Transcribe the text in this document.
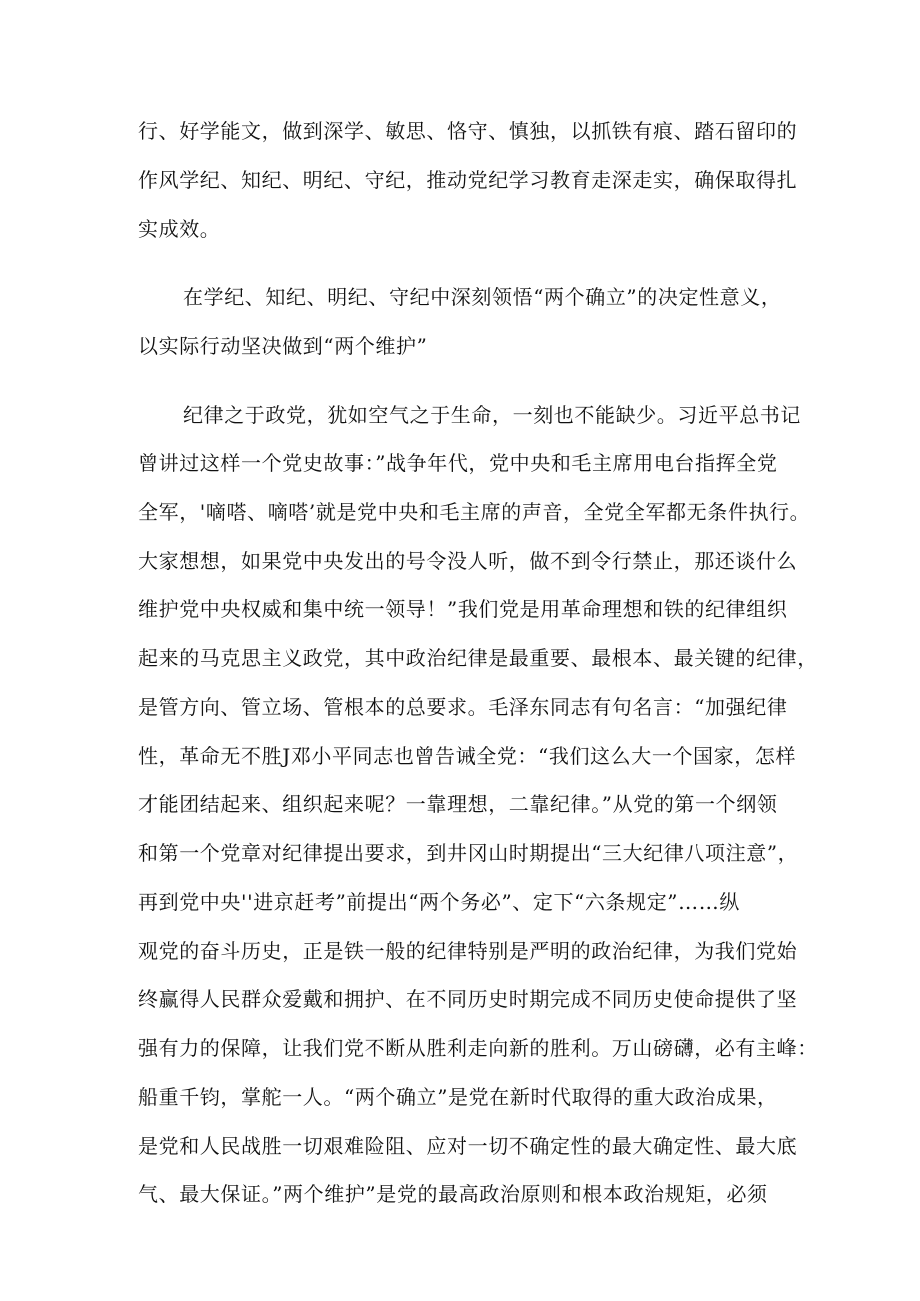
行、好学能文，做到深学、敏思、恪守、慎独，以抓铁有痕、踏石留印的
作风学纪、知纪、明纪、守纪，推动党纪学习教育走深走实，确保取得扎
实成效。
在学纪、知纪、明纪、守纪中深刻领悟“两个确立”的决定性意义，
以实际行动坚决做到“两个维护”
纪律之于政党，犹如空气之于生命，一刻也不能缺少。习近平总书记
曾讲过这样一个党史故事：”战争年代，党中央和毛主席用电台指挥全党
全军，'嘀嗒、嘀嗒’就是党中央和毛主席的声音，全党全军都无条件执行。
大家想想，如果党中央发出的号令没人听，做不到令行禁止，那还谈什么
维护党中央权威和集中统一领导！”我们党是用革命理想和铁的纪律组织
起来的马克思主义政党，其中政治纪律是最重要、最根本、最关键的纪律，
是管方向、管立场、管根本的总要求。毛泽东同志有句名言：“加强纪律
性，革命无不胜J邓小平同志也曾告诫全党：“我们这么大一个国家，怎样
才能团结起来、组织起来呢？一靠理想，二靠纪律。”从党的第一个纲领
和第一个党章对纪律提出要求，到井冈山时期提出“三大纪律八项注意”，
再到党中央''进京赶考”前提出“两个务必”、定下“六条规定”……纵
观党的奋斗历史，正是铁一般的纪律特别是严明的政治纪律，为我们党始
终赢得人民群众爱戴和拥护、在不同历史时期完成不同历史使命提供了坚
强有力的保障，让我们党不断从胜利走向新的胜利。万山磅礴，必有主峰：
船重千钧，掌舵一人。“两个确立”是党在新时代取得的重大政治成果，
是党和人民战胜一切艰难险阻、应对一切不确定性的最大确定性、最大底
气、最大保证。”两个维护”是党的最高政治原则和根本政治规矩，必须
